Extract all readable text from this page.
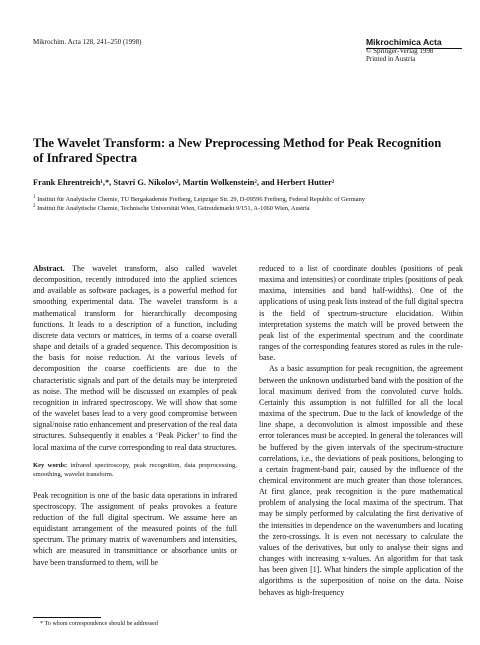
Mikrochim. Acta 128, 241–250 (1998)	Mikrochimica Acta
© Springer-Verlag 1998
Printed in Austria
The Wavelet Transform: a New Preprocessing Method for Peak Recognition of Infrared Spectra
Frank Ehrentreich¹,*, Stavri G. Nikolov², Martin Wolkenstein², and Herbert Hutter²
$^1$ Institut für Analytische Chemie, TU Bergakademie Freiberg, Leipziger Str. 29, D-09596 Freiberg, Federal Republic of Germany
$^2$ Institut für Analytische Chemie, Technische Universität Wien, Getreidemarkt 9/151, A-1060 Wien, Austria

Abstract. The wavelet transform, also called wavelet decomposition, recently introduced into the applied sciences and available as software packages, is a powerful method for smoothing experimental data. The wavelet transform is a mathematical transform for hierarchically decomposing functions. It leads to a description of a function, including discrete data vectors or matrices, in terms of a coarse overall shape and details of a graded sequence. This decomposition is the basis for noise reduction. At the various levels of decomposition the coarse coefficients are due to the characteristic signals and part of the details may be interpreted as noise. The method will be discussed on examples of peak recognition in infrared spectroscopy. We will show that some of the wavelet bases lead to a very good compromise between signal/noise ratio enhancement and preservation of the real data structures. Subsequently it enables a ‘Peak Picker’ to find the local maxima of the curve corresponding to real data structures.

Key words: infrared spectroscopy, peak recognition, data preprocessing, smoothing, wavelet transform.

Peak recognition is one of the basic data operations in infrared spectroscopy. The assignment of peaks provokes a feature reduction of the full digital spectrum. We assume here an equidistant arrangement of the measured points of the full spectrum. The primary matrix of wavenumbers and intensities, which are measured in transmittance or absorbance units or have been transformed to them, will be

reduced to a list of coordinate doubles (positions of peak maxima and intensities) or coordinate triples (positions of peak maxima, intensities and band half-widths). One of the applications of using peak lists instead of the full digital spectra is the field of spectrum-structure elucidation. Within interpretation systems the match will be proved between the peak list of the experimental spectrum and the coordinate ranges of the corresponding features stored as rules in the rule-base.

As a basic assumption for peak recognition, the agreement between the unknown undisturbed band with the position of the local maximum derived from the convoluted curve holds. Certainly this assumption is not fulfilled for all the local maxima of the spectrum. Due to the lack of knowledge of the line shape, a deconvolution is almost impossible and these error tolerances must be accepted. In general the tolerances will be buffered by the given intervals of the spectrum-structure correlations, i.e., the deviations of peak positions, belonging to a certain fragment-band pair, caused by the influence of the chemical environment are much greater than those tolerances. At first glance, peak recognition is the pure mathematical problem of analysing the local maxima of the spectrum. That may be simply performed by calculating the first derivative of the intensities in dependence on the wavenumbers and locating the zero-crossings. It is even not necessary to calculate the values of the derivatives, but only to analyse their signs and changes with increasing x-values. An algorithm for that task has been given [1]. What hinders the simple application of the algorithms is the superposition of noise on the data. Noise behaves as high-frequency

* To whom correspondence should be addressed
